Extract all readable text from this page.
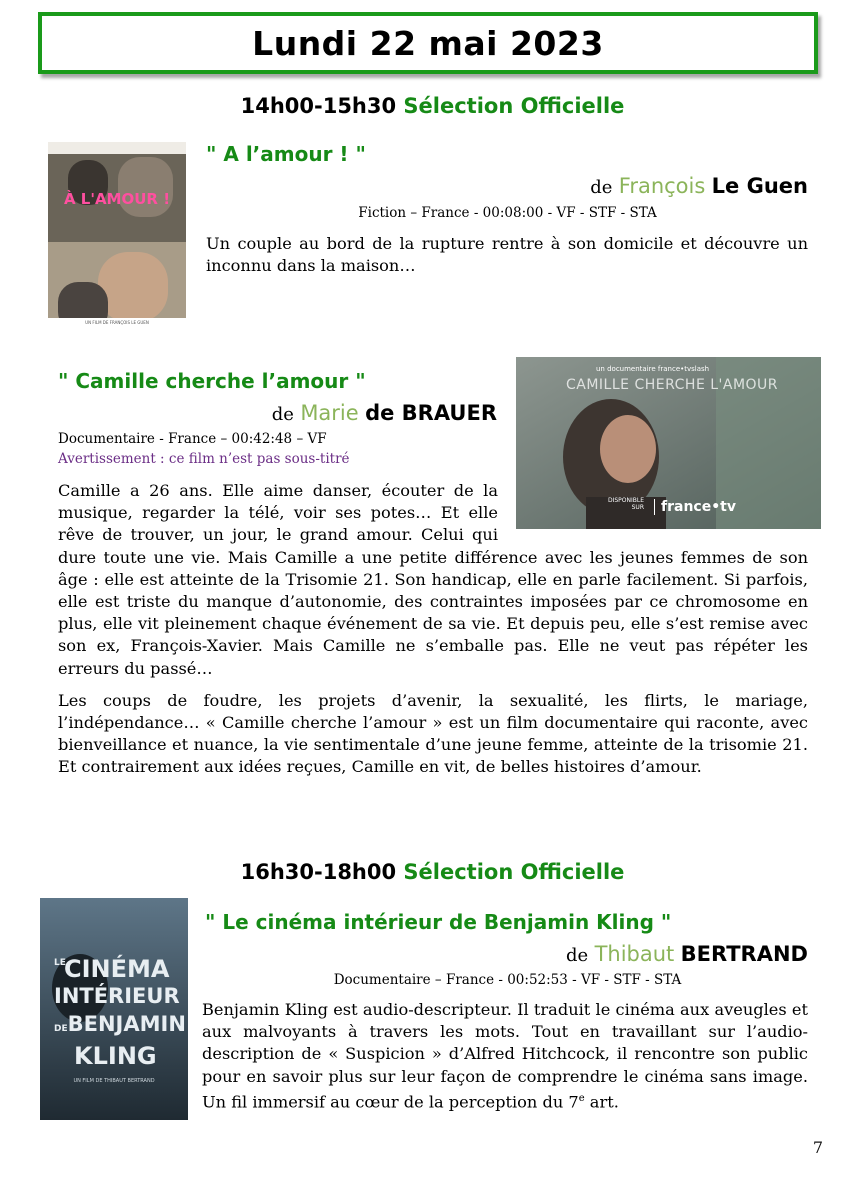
Lundi 22 mai 2023
14h00-15h30 Sélection Officielle
À L'AMOUR !
UN FILM DE FRANÇOIS LE GUEN
" A l’amour ! "
de François Le Guen
Fiction – France - 00:08:00 - VF - STF - STA

Un couple au bord de la rupture rentre à son domicile et découvre un inconnu dans la maison…

un documentaire france•tvslash
CAMILLE CHERCHE L'AMOUR
DISPONIBLE SUR	france•tv
" Camille cherche l’amour "
de Marie de BRAUER
Documentaire - France – 00:42:48 – VF
Avertissement : ce film n’est pas sous-titré

Camille a 26 ans. Elle aime danser, écouter de la musique, regarder la télé, voir ses potes… Et elle rêve de trouver, un jour, le grand amour. Celui qui dure toute une vie. Mais Camille a une petite différence avec les jeunes femmes de son âge : elle est atteinte de la Trisomie 21. Son handicap, elle en parle facilement. Si parfois, elle est triste du manque d’autonomie, des contraintes imposées par ce chromosome en plus, elle vit pleinement chaque événement de sa vie. Et depuis peu, elle s’est remise avec son ex, François-Xavier. Mais Camille ne s’emballe pas. Elle ne veut pas répéter les erreurs du passé…

Les coups de foudre, les projets d’avenir, la sexualité, les flirts, le mariage, l’indépendance… « Camille cherche l’amour » est un film documentaire qui raconte, avec bienveillance et nuance, la vie sentimentale d’une jeune femme, atteinte de la trisomie 21. Et contrairement aux idées reçues, Camille en vit, de belles histoires d’amour.

16h30-18h00 Sélection Officielle
LE
CINÉMA
INTÉRIEUR
DEBENJAMIN
KLING
UN FILM DE THIBAUT BERTRAND
" Le cinéma intérieur de Benjamin Kling "
de Thibaut BERTRAND
Documentaire – France - 00:52:53 - VF - STF - STA

Benjamin Kling est audio-descripteur. Il traduit le cinéma aux aveugles et aux malvoyants à travers les mots. Tout en travaillant sur l’audio-description de « Suspicion » d’Alfred Hitchcock, il rencontre son public pour en savoir plus sur leur façon de comprendre le cinéma sans image. Un fil immersif au cœur de la perception du 7e art.

7
